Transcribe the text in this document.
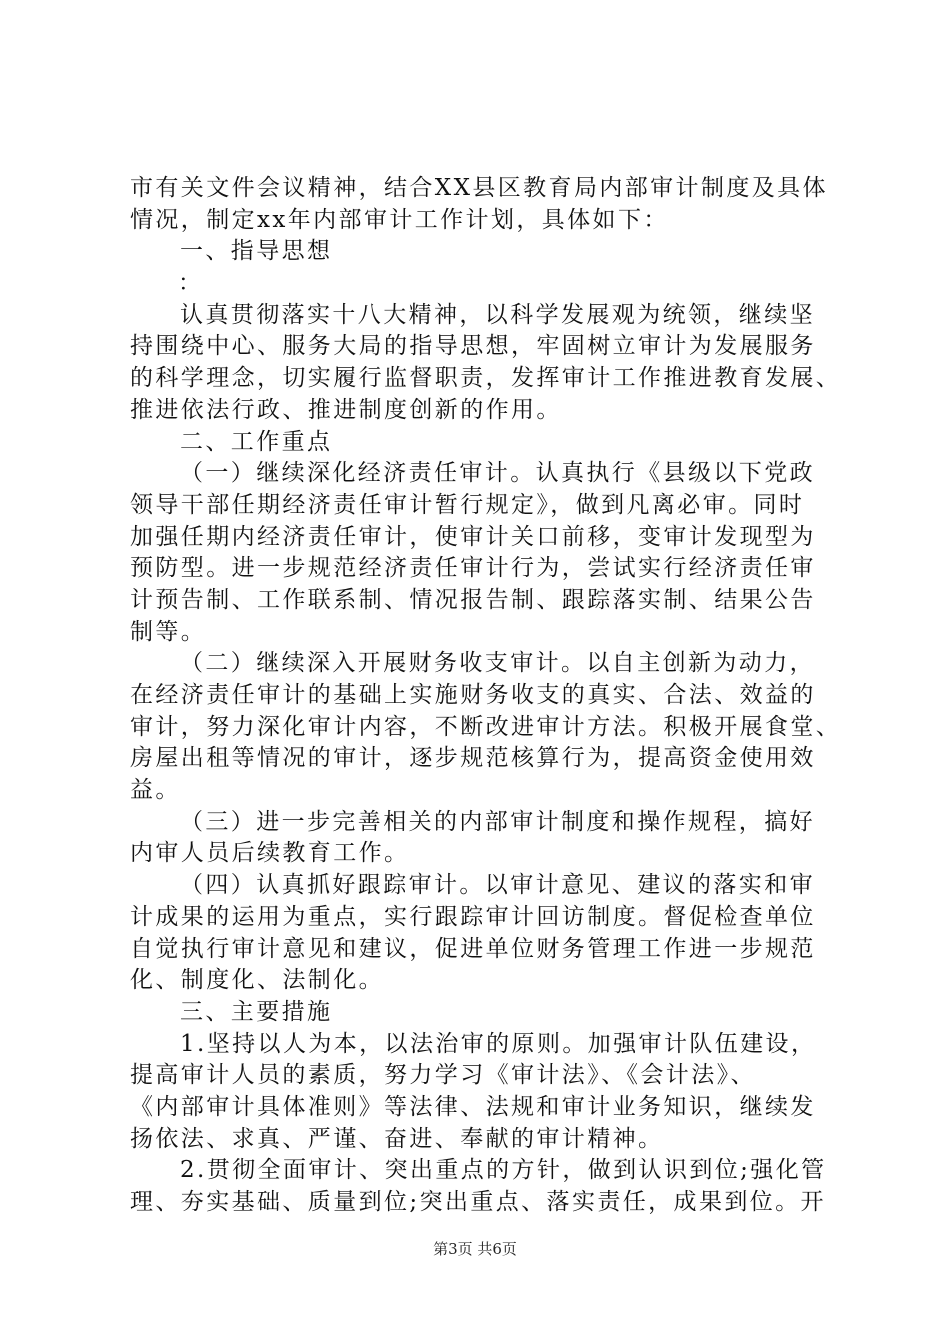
市有关文件会议精神，结合XX县区教育局内部审计制度及具体
情况，制定xx年内部审计工作计划，具体如下：
一、指导思想
：
认真贯彻落实十八大精神，以科学发展观为统领，继续坚
持围绕中心、服务大局的指导思想，牢固树立审计为发展服务
的科学理念，切实履行监督职责，发挥审计工作推进教育发展、
推进依法行政、推进制度创新的作用。
二、工作重点
（一）继续深化经济责任审计。认真执行《县级以下党政
领导干部任期经济责任审计暂行规定》，做到凡离必审。同时
加强任期内经济责任审计，使审计关口前移，变审计发现型为
预防型。进一步规范经济责任审计行为，尝试实行经济责任审
计预告制、工作联系制、情况报告制、跟踪落实制、结果公告
制等。
（二）继续深入开展财务收支审计。以自主创新为动力，
在经济责任审计的基础上实施财务收支的真实、合法、效益的
审计，努力深化审计内容，不断改进审计方法。积极开展食堂、
房屋出租等情况的审计，逐步规范核算行为，提高资金使用效
益。
（三）进一步完善相关的内部审计制度和操作规程，搞好
内审人员后续教育工作。
（四）认真抓好跟踪审计。以审计意见、建议的落实和审
计成果的运用为重点，实行跟踪审计回访制度。督促检查单位
自觉执行审计意见和建议，促进单位财务管理工作进一步规范
化、制度化、法制化。
三、主要措施
1.坚持以人为本，以法治审的原则。加强审计队伍建设，
提高审计人员的素质，努力学习《审计法》、《会计法》、
《内部审计具体准则》等法律、法规和审计业务知识，继续发
扬依法、求真、严谨、奋进、奉献的审计精神。
2.贯彻全面审计、突出重点的方针，做到认识到位;强化管
理、夯实基础、质量到位;突出重点、落实责任，成果到位。开
第3页 共6页
